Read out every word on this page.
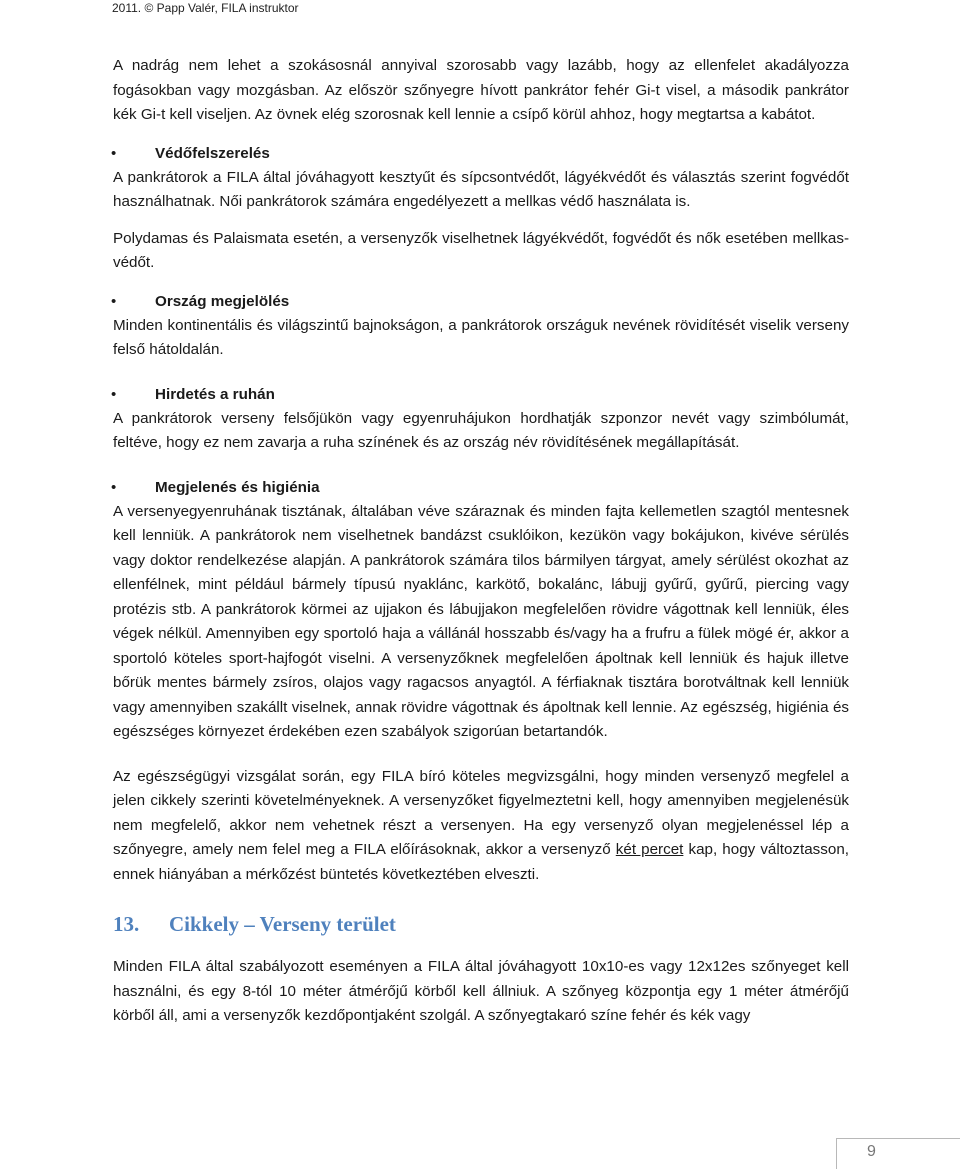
2011. © Papp Valér, FILA instruktor

A nadrág nem lehet a szokásosnál annyival szorosabb vagy lazább, hogy az ellenfelet akadályozza fogásokban vagy mozgásban. Az először szőnyegre hívott pankrátor fehér Gi-t visel, a második pankrátor kék Gi-t kell viseljen. Az övnek elég szorosnak kell lennie a csípő körül ahhoz, hogy megtartsa a kabátot.

•	Védőfelszerelés

A pankrátorok a FILA által jóváhagyott kesztyűt és sípcsontvédőt, lágyékvédőt és választás szerint fogvédőt használhatnak. Női pankrátorok számára engedélyezett a mellkas védő használata is.

Polydamas és Palaismata esetén, a versenyzők viselhetnek lágyékvédőt, fogvédőt és nők esetében mellkas-védőt.

•	Ország megjelölés

Minden kontinentális és világszintű bajnokságon, a pankrátorok országuk nevének rövidítését viselik verseny felső hátoldalán.

•	Hirdetés a ruhán

A pankrátorok verseny felsőjükön vagy egyenruhájukon hordhatják szponzor nevét vagy szimbólumát, feltéve, hogy ez nem zavarja a ruha színének és az ország név rövidítésének megállapítását.

•	Megjelenés és higiénia

A versenyegyenruhának tisztának, általában véve száraznak és minden fajta kellemetlen szagtól mentesnek kell lenniük. A pankrátorok nem viselhetnek bandázst csuklóikon, kezükön vagy bokájukon, kivéve sérülés vagy doktor rendelkezése alapján. A pankrátorok számára tilos bármilyen tárgyat, amely sérülést okozhat az ellenfélnek, mint például bármely típusú nyaklánc, karkötő, bokalánc, lábujj gyűrű, gyűrű, piercing vagy protézis stb. A pankrátorok körmei az ujjakon és lábujjakon megfelelően rövidre vágottnak kell lenniük, éles végek nélkül. Amennyiben egy sportoló haja a vállánál hosszabb és/vagy ha a frufru a fülek mögé ér, akkor a sportoló köteles sport-hajfogót viselni. A versenyzőknek megfelelően ápoltnak kell lenniük és hajuk illetve bőrük mentes bármely zsíros, olajos vagy ragacsos anyagtól. A férfiaknak tisztára borotváltnak kell lenniük vagy amennyiben szakállt viselnek, annak rövidre vágottnak és ápoltnak kell lennie. Az egészség, higiénia és egészséges környezet érdekében ezen szabályok szigorúan betartandók.

Az egészségügyi vizsgálat során, egy FILA bíró köteles megvizsgálni, hogy minden versenyző megfelel a jelen cikkely szerinti követelményeknek. A versenyzőket figyelmeztetni kell, hogy amennyiben megjelenésük nem megfelelő, akkor nem vehetnek részt a versenyen. Ha egy versenyző olyan megjelenéssel lép a szőnyegre, amely nem felel meg a FILA előírásoknak, akkor a versenyző két percet kap, hogy változtasson, ennek hiányában a mérkőzést büntetés következtében elveszti.

13. Cikkely – Verseny terület

Minden FILA által szabályozott eseményen a FILA által jóváhagyott 10x10-es vagy 12x12es szőnyeget kell használni, és egy 8-tól 10 méter átmérőjű körből kell állniuk. A szőnyeg központja egy 1 méter átmérőjű körből áll, ami a versenyzők kezdőpontjaként szolgál. A szőnyegtakaró színe fehér és kék vagy

9
